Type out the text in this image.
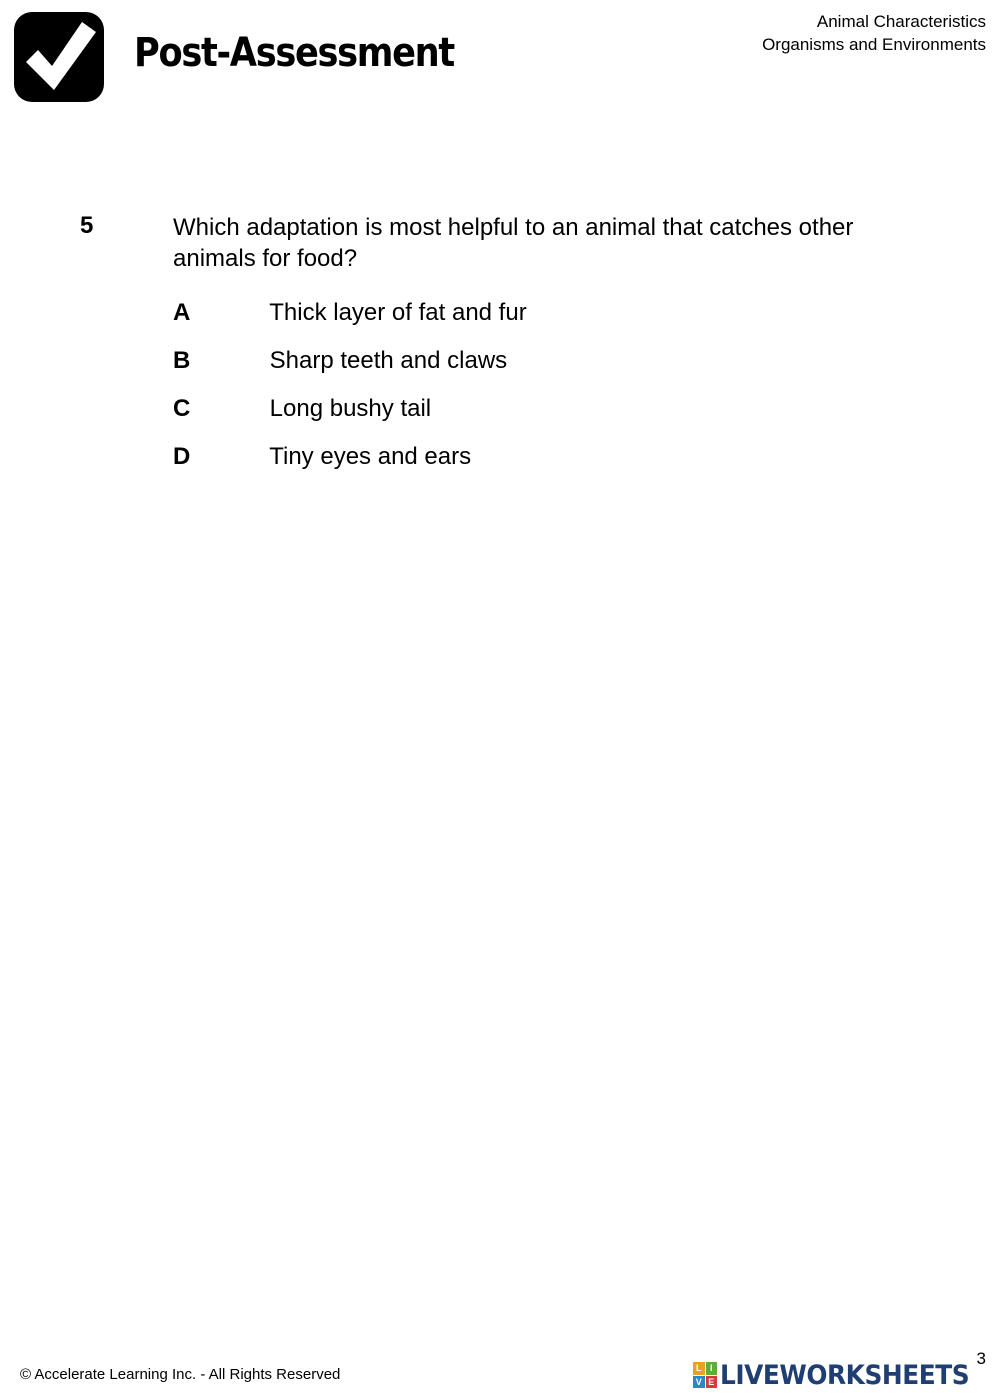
Post-Assessment
Animal Characteristics
Organisms and Environments
5	Which adaptation is most helpful to an animal that catches other animals for food?
A	Thick layer of fat and fur
B	Sharp teeth and claws
C	Long bushy tail
D	Tiny eyes and ears
© Accelerate Learning Inc. - All Rights Reserved
3
L I
V E LIVEWORKSHEETS
